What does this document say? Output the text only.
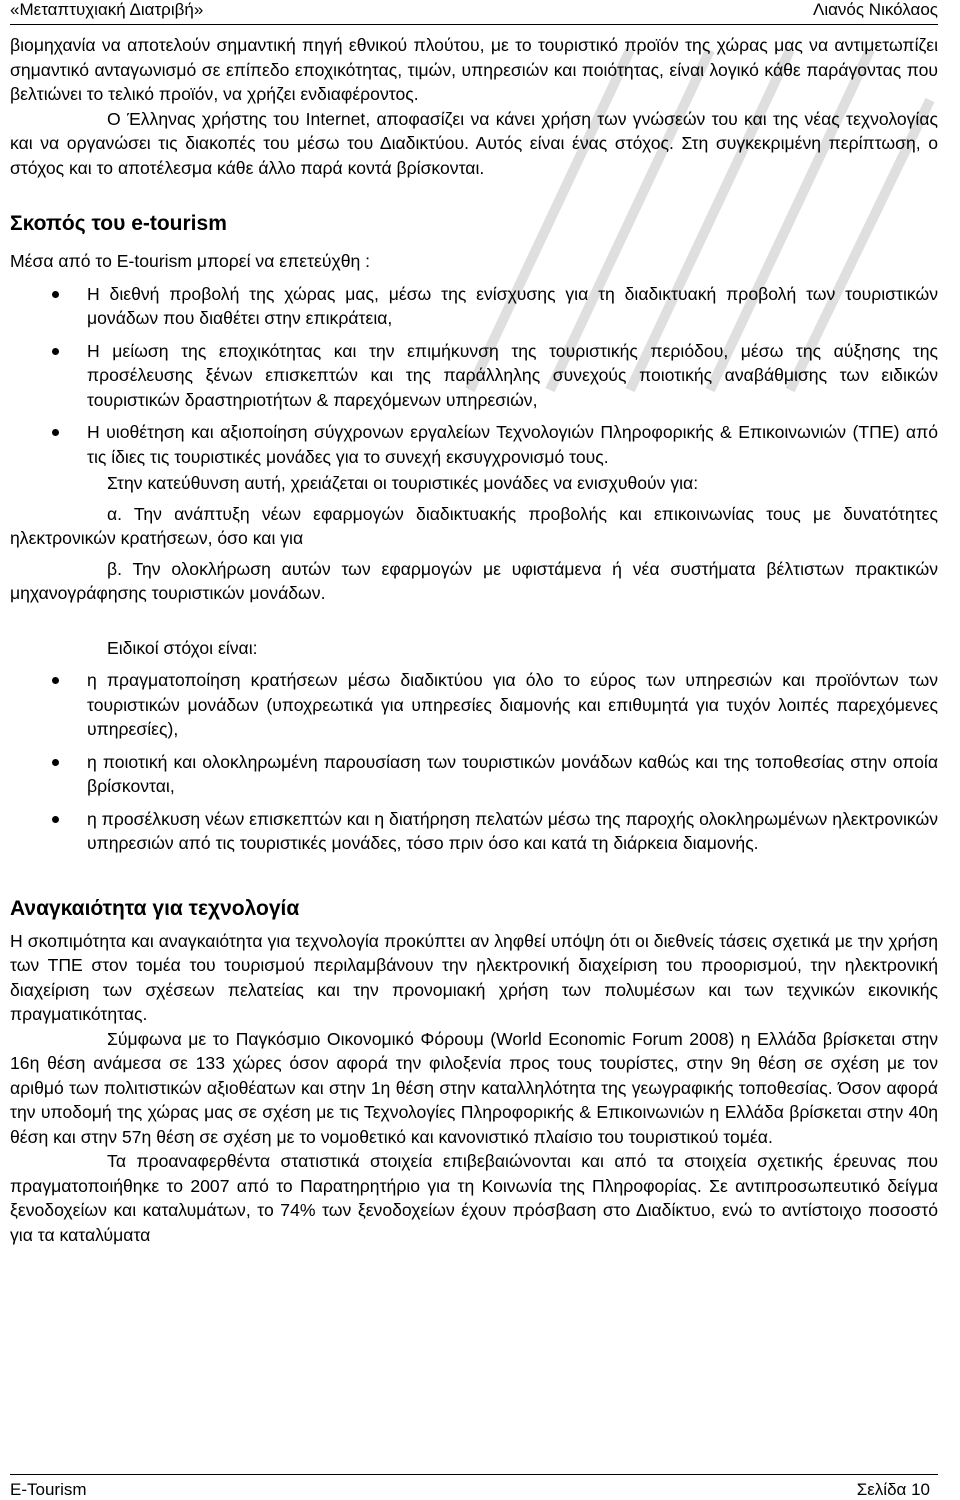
«Μεταπτυχιακή Διατριβή»	Λιανός Νικόλαος

βιομηχανία να αποτελούν σημαντική πηγή εθνικού πλούτου, με το τουριστικό προϊόν της χώρας μας να αντιμετωπίζει σημαντικό ανταγωνισμό σε επίπεδο εποχικότητας, τιμών, υπηρεσιών και ποιότητας, είναι λογικό κάθε παράγοντας που βελτιώνει το τελικό προϊόν, να χρήζει ενδιαφέροντος.

Ο Έλληνας χρήστης του Internet, αποφασίζει να κάνει χρήση των γνώσεών του και της νέας τεχνολογίας και να οργανώσει τις διακοπές του μέσω του Διαδικτύου. Αυτός είναι ένας στόχος. Στη συγκεκριμένη περίπτωση, ο στόχος και το αποτέλεσμα κάθε άλλο παρά κοντά βρίσκονται.

Σκοπός του e-tourism

Μέσα από το E-tourism μπορεί να επετεύχθη :

Η διεθνή προβολή της χώρας μας, μέσω της ενίσχυσης για τη διαδικτυακή προβολή των τουριστικών μονάδων που διαθέτει στην επικράτεια,
Η μείωση της εποχικότητας και την επιμήκυνση της τουριστικής περιόδου, μέσω της αύξησης της προσέλευσης ξένων επισκεπτών και της παράλληλης συνεχούς ποιοτικής αναβάθμισης των ειδικών τουριστικών δραστηριοτήτων & παρεχόμενων υπηρεσιών,
Η υιοθέτηση και αξιοποίηση σύγχρονων εργαλείων Τεχνολογιών Πληροφορικής & Επικοινωνιών (ΤΠΕ) από τις ίδιες τις τουριστικές μονάδες για το συνεχή εκσυγχρονισμό τους.

Στην κατεύθυνση αυτή, χρειάζεται οι τουριστικές μονάδες να ενισχυθούν για:

α. Την ανάπτυξη νέων εφαρμογών διαδικτυακής προβολής και επικοινωνίας τους με δυνατότητες ηλεκτρονικών κρατήσεων, όσο και για

β. Την ολοκλήρωση αυτών των εφαρμογών με υφιστάμενα ή νέα συστήματα βέλτιστων πρακτικών μηχανογράφησης τουριστικών μονάδων.

Ειδικοί στόχοι είναι:

η πραγματοποίηση κρατήσεων μέσω διαδικτύου για όλο το εύρος των υπηρεσιών και προϊόντων των τουριστικών μονάδων (υποχρεωτικά για υπηρεσίες διαμονής και επιθυμητά για τυχόν λοιπές παρεχόμενες υπηρεσίες),
η ποιοτική και ολοκληρωμένη παρουσίαση των τουριστικών μονάδων καθώς και της τοποθεσίας στην οποία βρίσκονται,
η προσέλκυση νέων επισκεπτών και η διατήρηση πελατών μέσω της παροχής ολοκληρωμένων ηλεκτρονικών υπηρεσιών από τις τουριστικές μονάδες, τόσο πριν όσο και κατά τη διάρκεια διαμονής.
Αναγκαιότητα για τεχνολογία

Η σκοπιμότητα και αναγκαιότητα για τεχνολογία προκύπτει αν ληφθεί υπόψη ότι οι διεθνείς τάσεις σχετικά με την χρήση των ΤΠΕ στον τομέα του τουρισμού περιλαμβάνουν την ηλεκτρονική διαχείριση του προορισμού, την ηλεκτρονική διαχείριση των σχέσεων πελατείας και την προνομιακή χρήση των πολυμέσων και των τεχνικών εικονικής πραγματικότητας.

Σύμφωνα με το Παγκόσμιο Οικονομικό Φόρουμ (World Economic Forum 2008) η Ελλάδα βρίσκεται στην 16η θέση ανάμεσα σε 133 χώρες όσον αφορά την φιλοξενία προς τους τουρίστες, στην 9η θέση σε σχέση με τον αριθμό των πολιτιστικών αξιοθέατων και στην 1η θέση στην καταλληλότητα της γεωγραφικής τοποθεσίας. Όσον αφορά την υποδομή της χώρας μας σε σχέση με τις Τεχνολογίες Πληροφορικής & Επικοινωνιών η Ελλάδα βρίσκεται στην 40η θέση και στην 57η θέση σε σχέση με το νομοθετικό και κανονιστικό πλαίσιο του τουριστικού τομέα.

Τα προαναφερθέντα στατιστικά στοιχεία επιβεβαιώνονται και από τα στοιχεία σχετικής έρευνας που πραγματοποιήθηκε το 2007 από το Παρατηρητήριο για τη Κοινωνία της Πληροφορίας. Σε αντιπροσωπευτικό δείγμα ξενοδοχείων και καταλυμάτων, το 74% των ξενοδοχείων έχουν πρόσβαση στο Διαδίκτυο, ενώ το αντίστοιχο ποσοστό για τα καταλύματα

E-Tourism	Σελίδα 10
